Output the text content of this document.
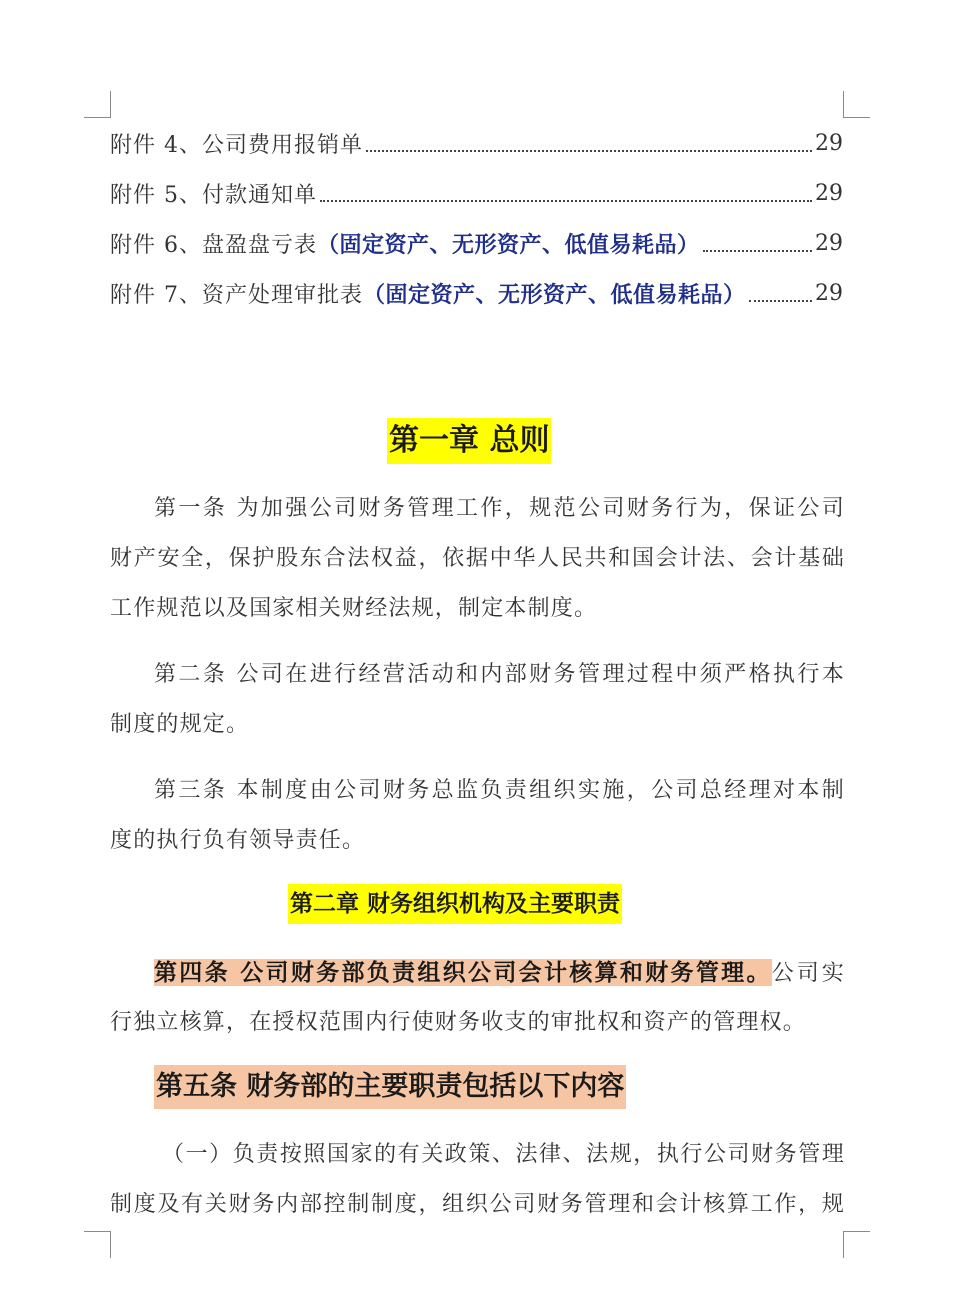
附件 4、公司费用报销单	29
附件 5、付款通知单	29
附件 6、盘盈盘亏表 （固定资产、无形资产、低值易耗品）	29
附件 7、资产处理审批表 （固定资产、无形资产、低值易耗品）	29
第一章 总则
第一条 为加强公司财务管理工作，规范公司财务行为，保证公司
财产安全，保护股东合法权益，依据中华人民共和国会计法、会计基础
工作规范以及国家相关财经法规，制定本制度。
第二条 公司在进行经营活动和内部财务管理过程中须严格执行本
制度的规定。
第三条 本制度由公司财务总监负责组织实施，公司总经理对本制
度的执行负有领导责任。
第二章 财务组织机构及主要职责
第四条 公司财务部负责组织公司会计核算和财务管理。公司实
行独立核算，在授权范围内行使财务收支的审批权和资产的管理权。
第五条 财务部的主要职责包括以下内容
（一）负责按照国家的有关政策、法律、法规，执行公司财务管理
制度及有关财务内部控制制度，组织公司财务管理和会计核算工作，规
